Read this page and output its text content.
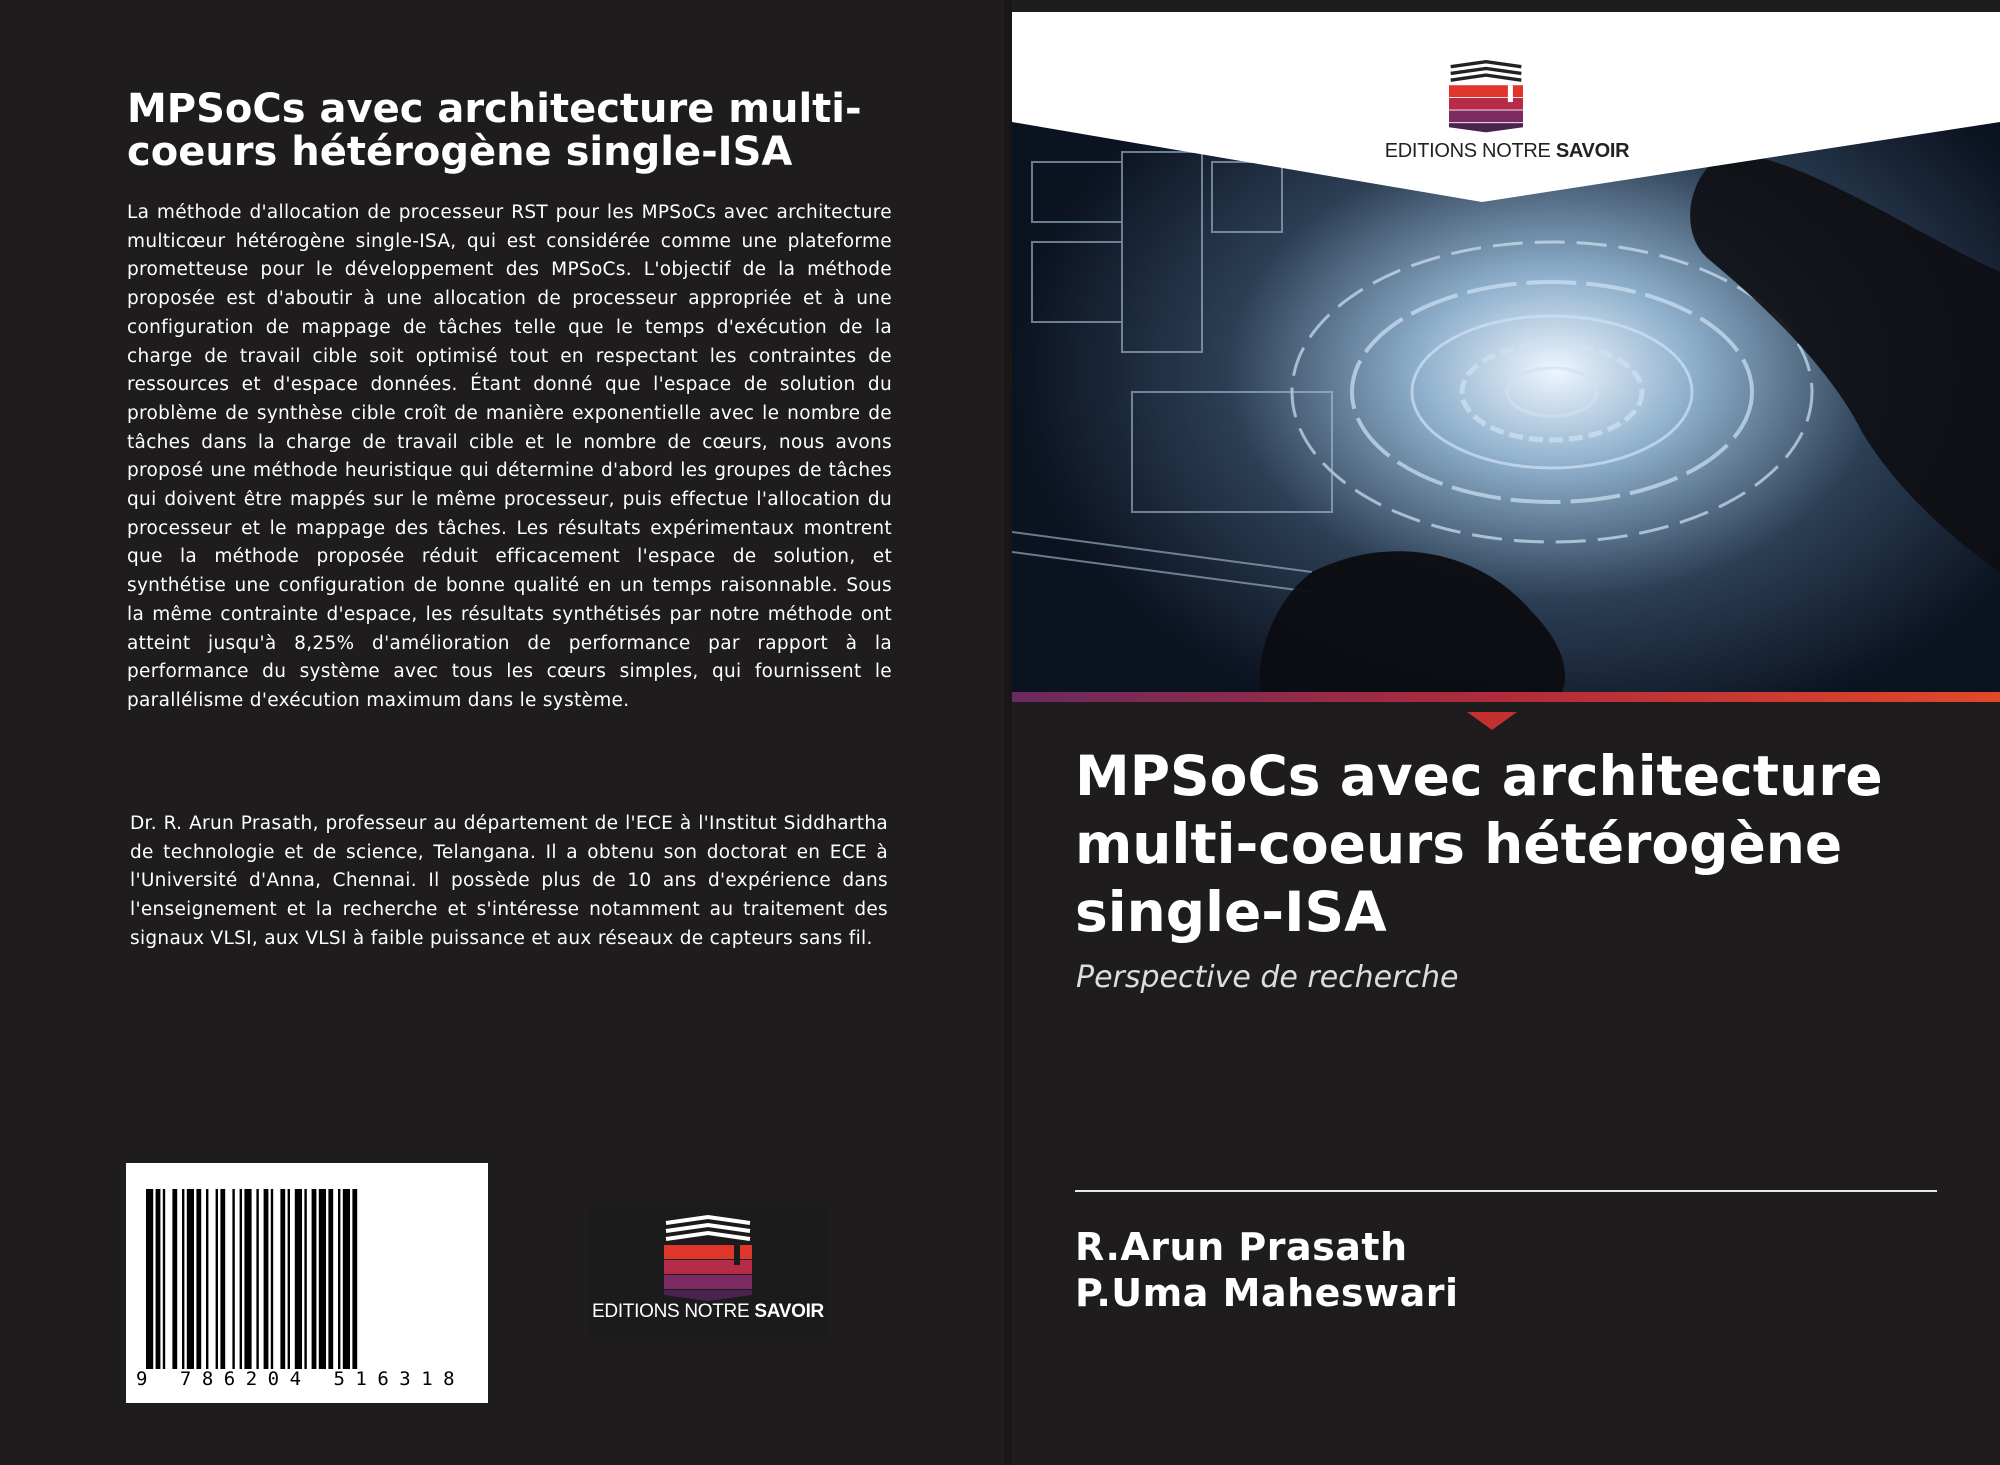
MPSoCs avec architecture multi-coeurs hétérogène single-ISA
La méthode d'allocation de processeur RST pour les MPSoCs avec architecture multicœur hétérogène single-ISA, qui est considérée comme une plateforme prometteuse pour le développement des MPSoCs. L'objectif de la méthode proposée est d'aboutir à une allocation de processeur appropriée et à une configuration de mappage de tâches telle que le temps d'exécution de la charge de travail cible soit optimisé tout en respectant les contraintes de ressources et d'espace données. Étant donné que l'espace de solution du problème de synthèse cible croît de manière exponentielle avec le nombre de tâches dans la charge de travail cible et le nombre de cœurs, nous avons proposé une méthode heuristique qui détermine d'abord les groupes de tâches qui doivent être mappés sur le même processeur, puis effectue l'allocation du processeur et le mappage des tâches. Les résultats expérimentaux montrent que la méthode proposée réduit efficacement l'espace de solution, et synthétise une configuration de bonne qualité en un temps raisonnable. Sous la même contrainte d'espace, les résultats synthétisés par notre méthode ont atteint jusqu'à 8,25% d'amélioration de performance par rapport à la performance du système avec tous les cœurs simples, qui fournissent le parallélisme d'exécution maximum dans le système.
Dr. R. Arun Prasath, professeur au département de l'ECE à l'Institut Siddhartha de technologie et de science, Telangana. Il a obtenu son doctorat en ECE à l'Université d'Anna, Chennai. Il possède plus de 10 ans d'expérience dans l'enseignement et la recherche et s'intéresse notamment au traitement des signaux VLSI, aux VLSI à faible puissance et aux réseaux de capteurs sans fil.
9 786204 516318
EDITIONS NOTRE SAVOIR
EDITIONS NOTRE SAVOIR
MPSoCs avec architecture multi-coeurs hétérogène single-ISA
Perspective de recherche
R.Arun Prasath
P.Uma Maheswari
